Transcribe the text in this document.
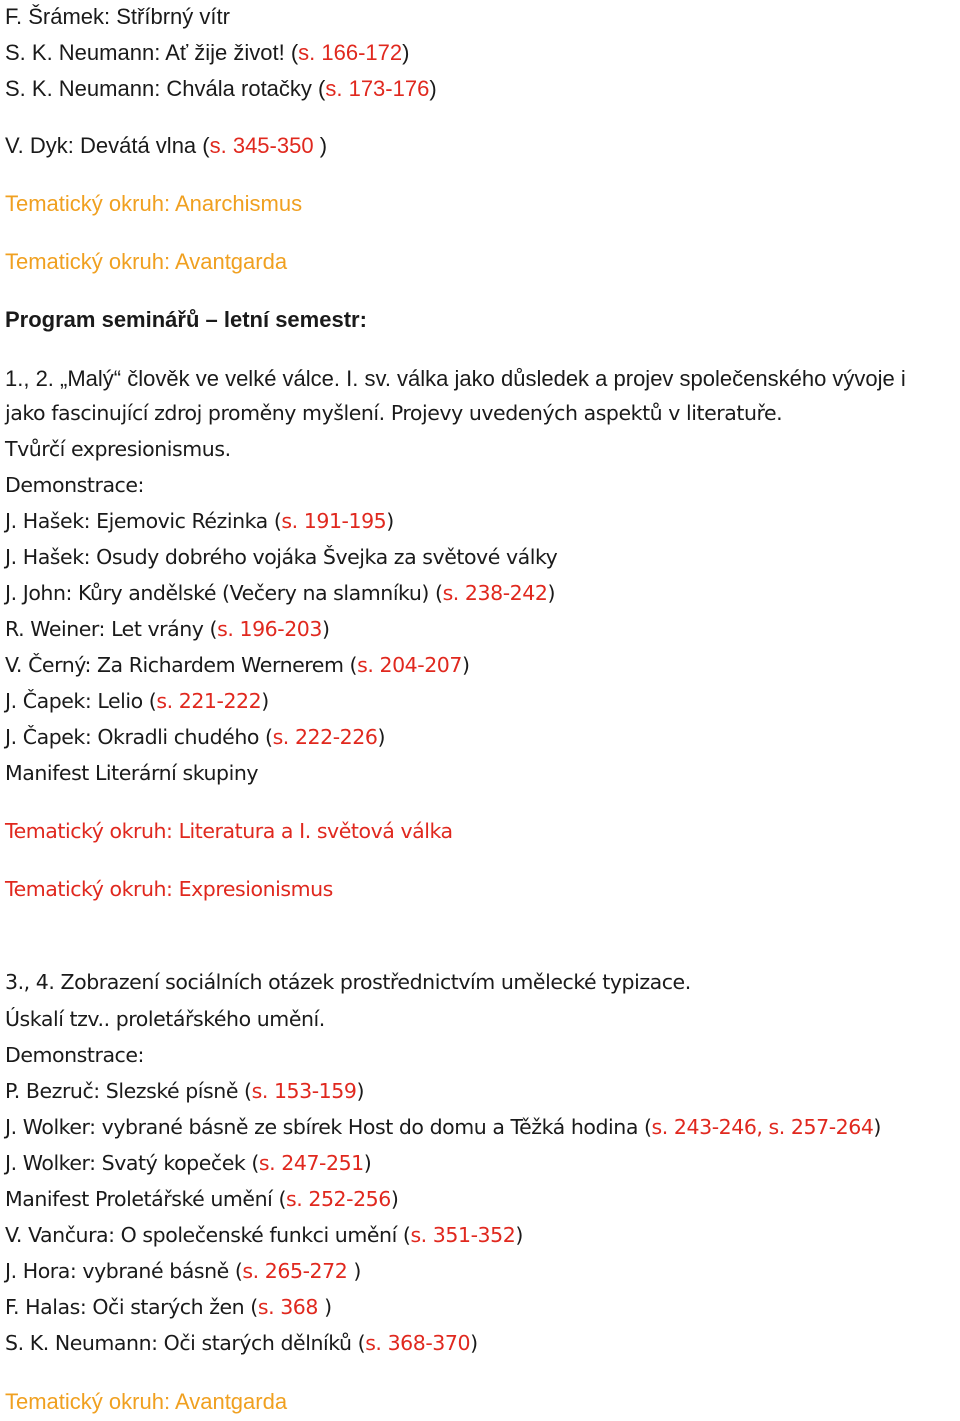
F. Šrámek: Stříbrný vítr

S. K. Neumann: Ať žije život! (s. 166-172)

S. K. Neumann: Chvála rotačky (s. 173-176)

V. Dyk: Devátá vlna (s. 345-350 )

Tematický okruh: Anarchismus

Tematický okruh: Avantgarda

Program seminářů – letní semestr:

1., 2. „Malý“ člověk ve velké válce. I. sv. válka jako důsledek a projev společenského vývoje i

jako fascinující zdroj proměny myšlení. Projevy uvedených aspektů v literatuře.

Tvůrčí expresionismus.

Demonstrace:

J. Hašek: Ejemovic Rézinka (s. 191-195)

J. Hašek: Osudy dobrého vojáka Švejka za světové války

J. John: Kůry andělské (Večery na slamníku) (s. 238-242)

R. Weiner: Let vrány (s. 196-203)

V. Černý: Za Richardem Wernerem (s. 204-207)

J. Čapek: Lelio (s. 221-222)

J. Čapek: Okradli chudého (s. 222-226)

Manifest Literární skupiny

Tematický okruh: Literatura a I. světová válka

Tematický okruh: Expresionismus

3., 4. Zobrazení sociálních otázek prostřednictvím umělecké typizace.

Úskalí tzv.. proletářského umění.

Demonstrace:

P. Bezruč: Slezské písně (s. 153-159)

J. Wolker: vybrané básně ze sbírek Host do domu a Těžká hodina (s. 243-246, s. 257-264)

J. Wolker: Svatý kopeček (s. 247-251)

Manifest Proletářské umění (s. 252-256)

V. Vančura: O společenské funkci umění (s. 351-352)

J. Hora: vybrané básně (s. 265-272 )

F. Halas: Oči starých žen (s. 368 )

S. K. Neumann: Oči starých dělníků (s. 368-370)

Tematický okruh: Avantgarda
